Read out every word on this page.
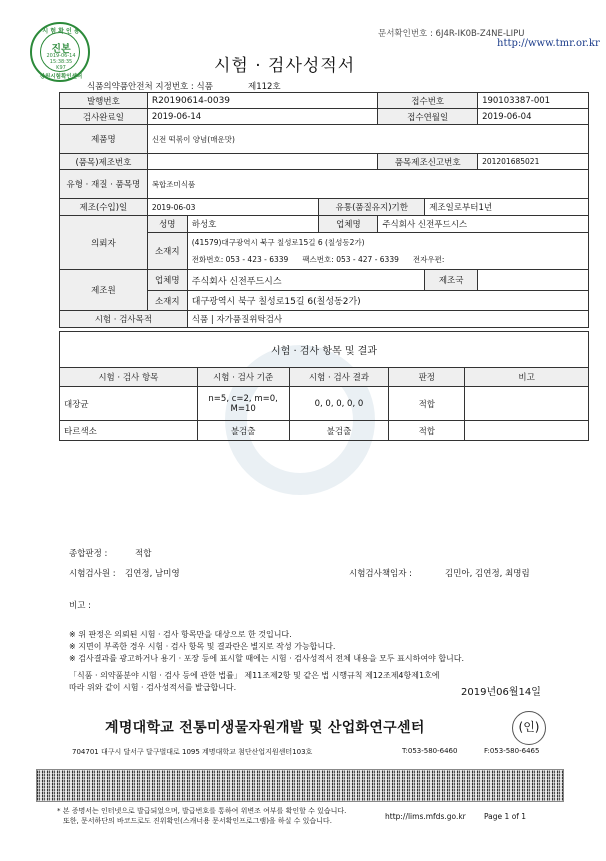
문서확인번호 : 6J4R-IK0B-Z4NE-LIPU
http://www.tmr.or.kr
시 험 확 인 용
진본
2019-06-14
15:38:35
K97
장원시험확인센터
시험 · 검사성적서
식품의약품안전처 지정번호 : 식품	제112호
발행번호	R20190614-0039			접수번호		190103387-001
검사완료일	2019-06-14			접수연월일		2019-06-04
제품명	신전 떡볶이 양념(매운맛)					
(품목)제조번호				품목제조신고번호		201201685021
유형 · 재질 · 품목명	복합조미식품					
제조(수입)일	2019-06-03		유통(품질유지)기한		제조일로부터1년	
의뢰자	성명	하성호	업체명	주식회사 신전푸드시스		
	소재지	(41579)대구광역시 북구 칠성로15길 6 (칠성동2가)
전화번호: 053 - 423 - 6339 팩스번호: 053 - 427 - 6339 전자우편:				

제조원	업체명	주식회사 신전푸드시스			제조국	
	소재지	대구광역시 북구 칠성로15길 6(칠성동2가)				
시험 · 검사목적		식품 | 자가품질위탁검사				
시험 · 검사 항목 및 결과				
시험 · 검사 항목	시험 · 검사 기준	시험 · 검사 결과	판정	비고
대장균	n=5, c=2, m=0, M=10	0, 0, 0, 0, 0	적합	
타르색소	불검출	불검출	적합	
종합판정 :	적합
시험검사원 : 김연정, 남미영	시험검사책임자 :	김민아, 김연정, 최명림
비고 :
※ 위 판정은 의뢰된 시험 · 검사 항목만을 대상으로 한 것입니다.
※ 지면이 부족한 경우 시험 · 검사 항목 및 결과란은 별지로 작성 가능합니다.
※ 검사결과를 광고하거나 용기 · 포장 등에 표시할 때에는 시험 · 검사성적서 전체 내용을 모두 표시하여야 합니다.
「식품 · 의약품분야 시험 · 검사 등에 관한 법률」 제11조제2항 및 같은 법 시행규칙 제12조제4항제1호에
따라 위와 같이 시험 · 검사성적서를 발급합니다.	2019년06월14일
계명대학교 전통미생물자원개발 및 산업화연구센터	(인)
704701 대구시 달서구 달구벌대로 1095 계명대학교 첨단산업지원센터103호	T:053-580-6460	F:053-580-6465
* 본 증명서는 인터넷으로 발급되었으며, 발급번호를 통하여 위변조 여부를 확인할 수 있습니다.
또한, 문서하단의 바코드로도 진위확인(스캐너용 문서확인프로그램)을 하실 수 있습니다.	http://lims.mfds.go.kr Page 1 of 1
